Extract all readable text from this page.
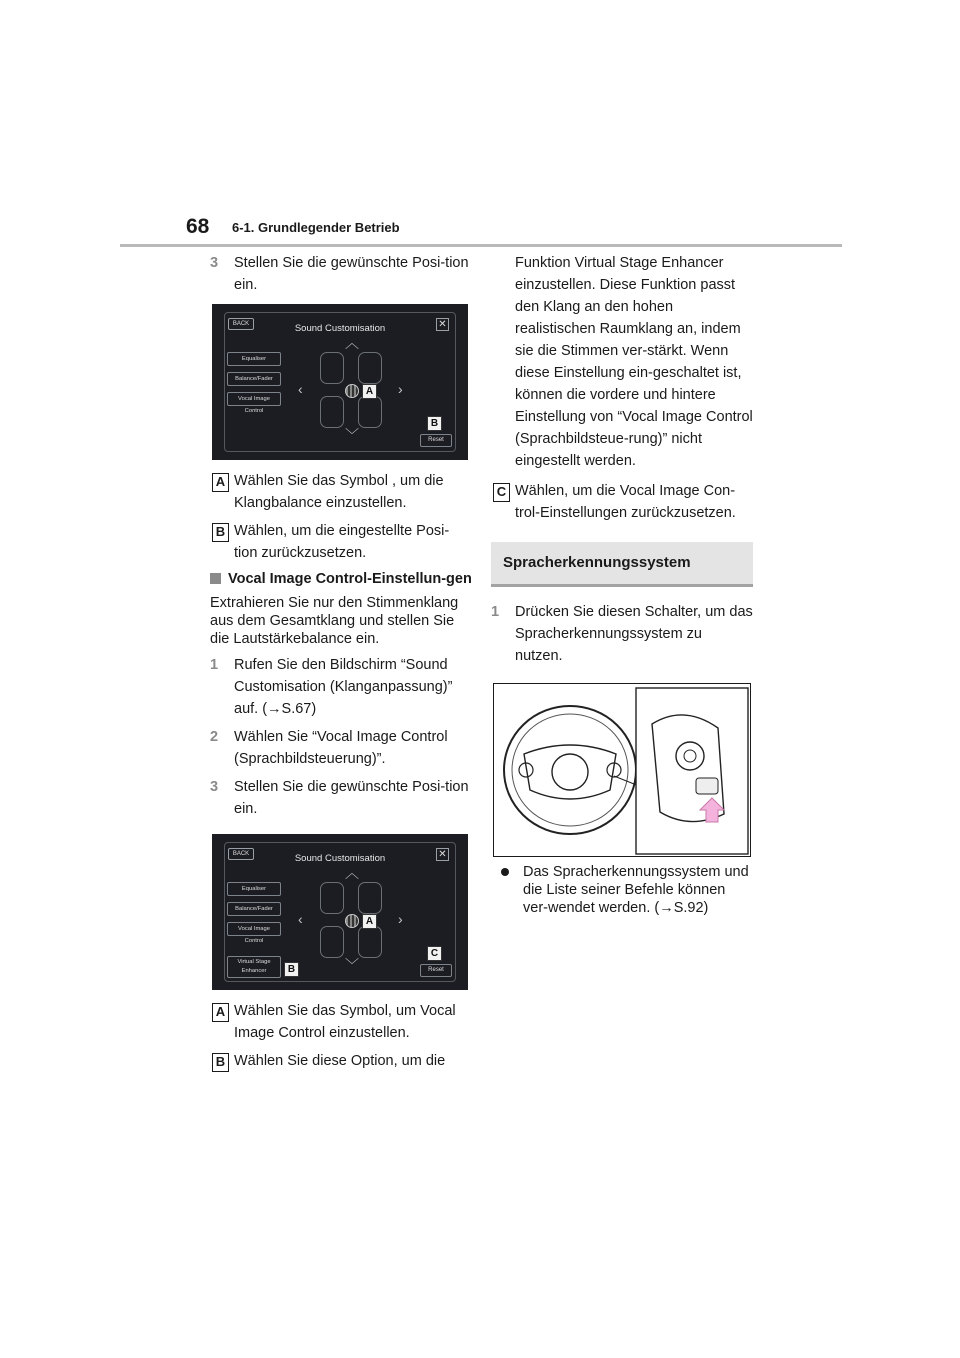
68 6-1. Grundlegender Betrieb
3 Stellen Sie die gewünschte Posi-tion ein.
BACK	Sound Customisation	✕
Equaliser
Balance/Fader
Vocal Image Control
︿
﹀
‹	›
A
B
Reset
A Wählen Sie das Symbol , um die Klangbalance einzustellen.
B Wählen, um die eingestellte Posi-tion zurückzusetzen.
Vocal Image Control-Einstellun-gen
Extrahieren Sie nur den Stimmenklang aus dem Gesamtklang und stellen Sie die Lautstärkebalance ein.
1 Rufen Sie den Bildschirm “Sound Customisation (Klanganpassung)” auf. (→S.67)
2 Wählen Sie “Vocal Image Control (Sprachbildsteuerung)”.
3 Stellen Sie die gewünschte Posi-tion ein.
BACK	Sound Customisation	✕
Equaliser
Balance/Fader
Vocal Image Control
Virtual Stage Enhancer
︿
﹀
‹	›
A
B
C
Reset
A Wählen Sie das Symbol, um Vocal Image Control einzustellen.
B Wählen Sie diese Option, um die
Funktion Virtual Stage Enhancer einzustellen. Diese Funktion passt den Klang an den hohen realistischen Raumklang an, indem sie die Stimmen ver-stärkt. Wenn diese Einstellung ein-geschaltet ist, können die vordere und hintere Einstellung von “Vocal Image Control (Sprachbildsteue-rung)” nicht eingestellt werden.
C Wählen, um die Vocal Image Con-trol-Einstellungen zurückzusetzen.
Spracherkennungssystem
1 Drücken Sie diesen Schalter, um das Spracherkennungssystem zu nutzen.
Das Spracherkennungssystem und die Liste seiner Befehle können ver-wendet werden. (→S.92)
